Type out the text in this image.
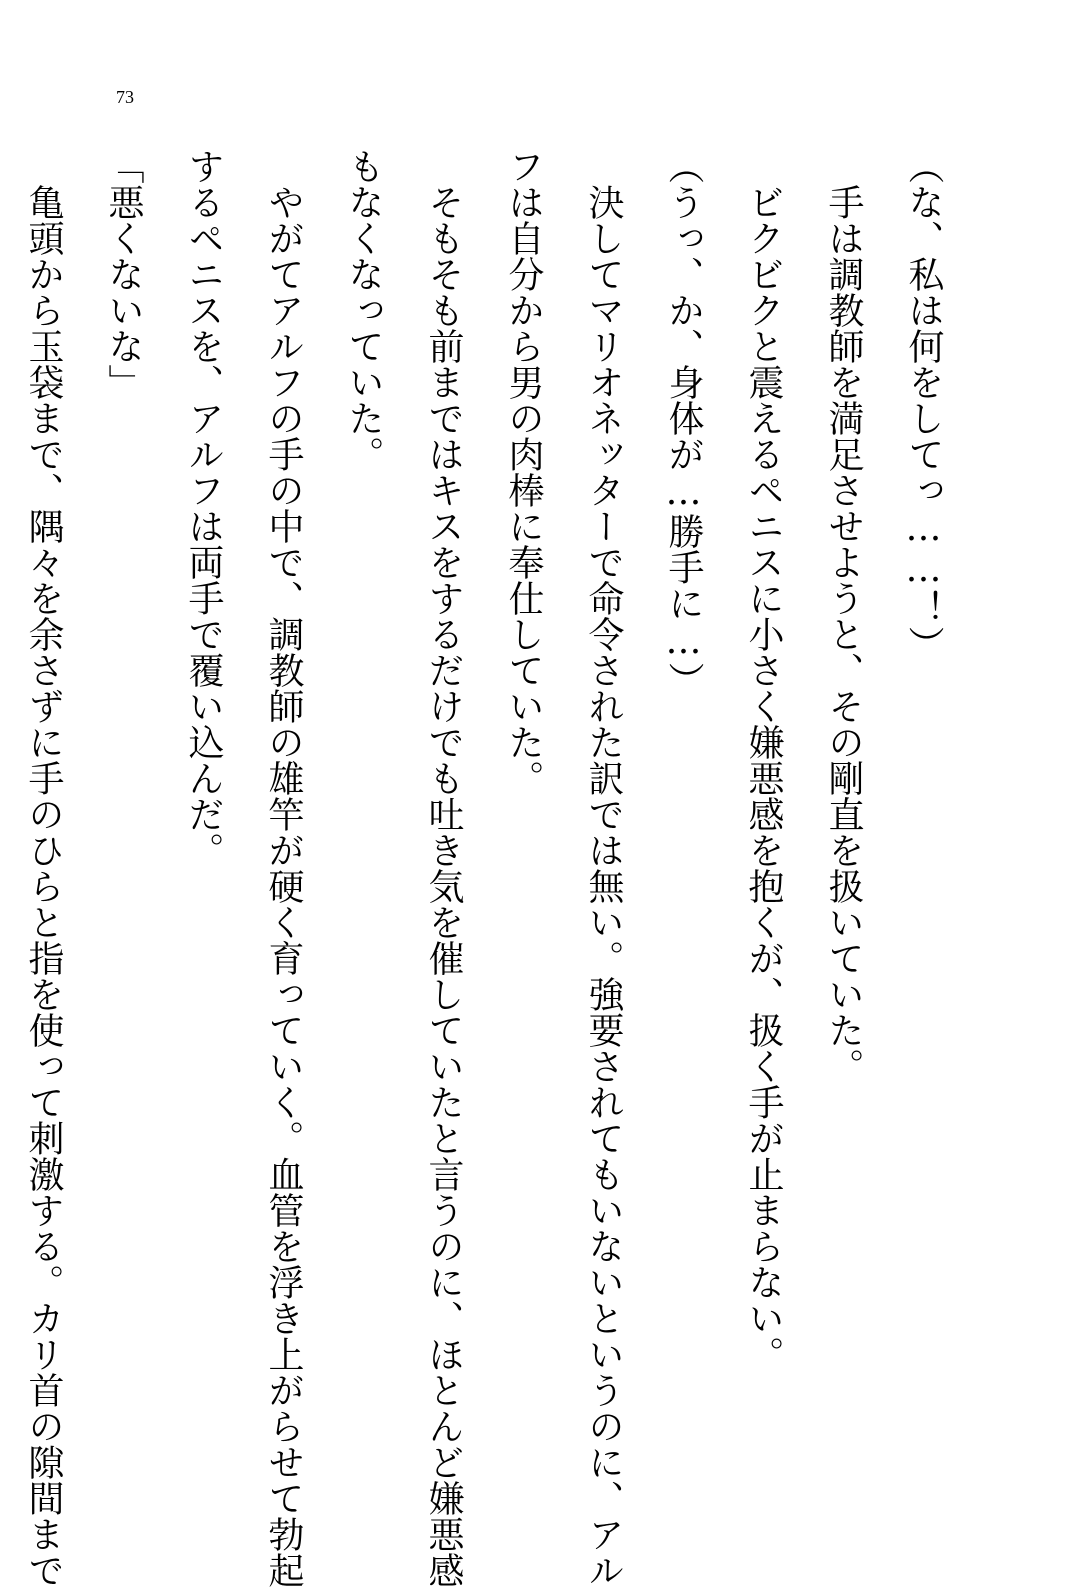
73

（な、私は何をしてっ……！）

　手は調教師を満足させようと、その剛直を扱いていた。

　ビクビクと震えるペニスに小さく嫌悪感を抱くが、扱く手が止まらない。

（うっ、か、身体が…勝手に…）

　決してマリオネッターで命令された訳では無い。強要されてもいないというのに、アル

フは自分から男の肉棒に奉仕していた。

　そもそも前まではキスをするだけでも吐き気を催していたと言うのに、ほとんど嫌悪感

もなくなっていた。

　やがてアルフの手の中で、調教師の雄竿が硬く育っていく。血管を浮き上がらせて勃起

するペニスを、アルフは両手で覆い込んだ。

「悪くないな」

　亀頭から玉袋まで、隅々を余さずに手のひらと指を使って刺激する。カリ首の隙間まで
